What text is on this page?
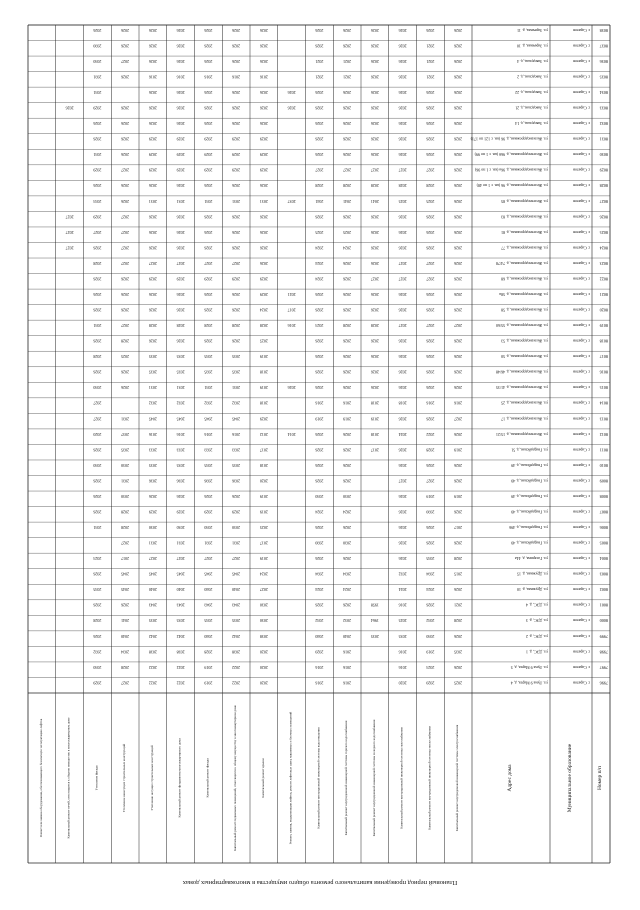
Плановый период проведения капитального ремонта общего имущества в многоквартирных домах
Номер п/п
Муниципальное образование
Адрес дома
Капитальный ремонт внутридомовой инженерной системы электроснабжения
Капитальный ремонт внутридомовой инженерной системы теплоснабжения
Капитальный ремонт внутридомовой инженерной системы газоснабжения
Капитальный ремонт внутридомовой инженерной системы холодного водоснабжения
Капитальный ремонт внутридомовой инженерной системы горячего водоснабжения
Капитальный ремонт внутридомовой инженерной системы водоотведения
Ремонт, замена, модернизация лифтов, ремонт лифтовых шахт, машинных и блочных помещений
Капитальный ремонт крыши
Капитальный ремонт подвальных помещений, относящихся к общему имуществу в многоквартирном доме
Капитальный ремонт фасада
Капитальный ремонт фундамента многоквартирного дома
Утепление несущих строительных конструкций
Утепление ненесущих строительных конструкций
Утепление фасада
Капитальный ремонт печей, относящихся к общему имуществу в многоквартирном доме
Ремонт или замена оборудования, обеспечивающего безопасную эксплуатацию лифтов
7996
г. Саратов
ул. Луна 9 Марта, д. 4
2025
2020
2020
2016
2016
2020
2022
2019
2022
2022
2027
2029
7997
г. Саратов
ул. Луна 9 Марта, д. 5
2026
2023
2016
2016
2016
2020
2022
2019
2022
2022
2028
2030
7998
г. Саратов
ул. ДЭС, д. 1
2035
2019
2016
2016
2020
2020
2038
2028
2038
2038
2034
2032
7999
г. Саратов
ул. ДЭС, д. 2
2026
2030
2035
2035
2040
2040
2038
2042
2040
2042
2042
2040
2026
8000
г. Саратов
ул. ДЭС, д. 3
2028
2032
2025
1964
2032
2032
2030
2035
2035
2035
2035
2041
2028
8001
г. Саратов
ул. ДЭС, д. 4
2021
2026
2016
1958
2026
2026
2030
2043
2043
2043
2043
2026
2026
8002
г. Саратов
ул. Дружная, д. 10
2026
2024
2024
2024
2024
2027
2040
2040
2040
2040
2045
2035
8003
г. Саратов
ул. Дружная, д. 15
2015
2034
2032
2034
2034
2024
2045
2045
2045
2045
2045
2026
8004
г. Саратов
ул. Гагарина, д. 44а
2028
2035
2026
2026
2026
2019
2027
2027
2027
2027
2017
2023
8005
г. Саратов
ул. Гвардейская, д. 49
2026
2026
2026
2030
2030
2017
2031
2031
2031
2031
2027
8006
г. Саратов
ул. Гвардейская, д. 49б
2017
2026
2026
2026
2026
2025
2030
2030
2030
2030
2028
2031
8007
г. Саратов
ул. Гвардейская, д. 49
2026
2030
2026
2024
2024
2019
2029
2029
2029
2029
2028
2026
8008
г. Саратов
ул. Гвардейская, д. 49
2019
2019
2026
2030
2030
2019
2026
2026
2026
2026
2030
2026
8009
г. Саратов
ул. Гвардейская, д. 49
2026
2027
2027
2026
2026
2020
2036
2036
2036
2036
2031
2026
8010
г. Саратов
ул. Гвардейская, д. 49
2026
2026
2026
2026
2026
2018
2035
2035
2035
2035
2030
2030
8011
г. Саратов
ул. Гвардейская, д. 51
2019
2028
2026
2017
2026
2026
2017
2033
2033
2033
2033
2035
2026
8012
г. Саратов
ул. Железнодорожная, д. 15/21
2026
2022
2024
2018
2026
2026
2014
2012
2016
2016
2016
2016
2037
2020
8013
г. Саратов
ул. Железнодорожная, д. 17
2027
2026
2026
2019
2019
2019
2029
2045
2045
2045
2045
2031
2027
8014
г. Саратов
ул. Железнодорожная, д. 25
2016
2016
2018
2018
2016
2016
2018
2032
2032
2032
2032
2027
8015
г. Саратов
ул. Железнодорожная, д. 41/35
2026
2026
2026
2026
2026
2026
2026
2019
2031
2031
2031
2031
2026
2030
8016
г. Саратов
ул. Железнодорожная, д. 46/48
2026
2026
2026
2026
2026
2026
2018
2035
2035
2035
2035
2026
2026
8017
г. Саратов
ул. Железнодорожная, д. 50
2026
2026
2026
2026
2026
2026
2019
2035
2035
2035
2035
2025
2028
8018
г. Саратов
ул. Железнодорожная, д. 53
2026
2026
2026
2026
2026
2026
2025
2026
2026
2026
2026
2028
2026
8019
г. Саратов
ул. Железнодорожная, д. 55/60
2027
2027
2027
2028
2028
2023
2016
2028
2028
2028
2028
2028
2027
2031
8020
г. Саратов
ул. Железнодорожная, д. 58
2026
2026
2026
2026
2026
2026
2017
2024
2026
2026
2026
2026
2026
2026
8021
г. Саратов
ул. Железнодорожная, д. 58а
2026
2026
2026
2026
2026
2026
2021
2029
2026
2026
2026
2026
2026
2026
8022
г. Саратов
ул. Железнодорожная, д. 68
2026
2027
2027
2027
2026
2024
2029
2029
2029
2029
2029
2026
2026
8023
г. Саратов
ул. Железнодорожная, д. 74/78
2026
2027
2027
2026
2026
2024
2026
2027
2027
2027
2027
2027
2028
8024
г. Саратов
ул. Железнодорожная, д. 77
2026
2026
2026
2026
2024
2024
2026
2026
2026
2026
2026
2027
2026
2027
8025
г. Саратов
ул. Железнодорожная, д. 81
2026
2026
2026
2026
2025
2025
2026
2026
2026
2026
2026
2027
2027
2027
8026
г. Саратов
ул. Железнодорожная, д. 83
2026
2026
2026
2026
2026
2026
2026
2026
2026
2026
2026
2027
2029
2027
8027
г. Саратов
ул. Железнодорожная, д. 85
2026
2025
2025
2041
2041
2041
2037
2031
2031
2031
2031
2031
2026
2033
8028
г. Саратов
ул. Железнодорожная, д. 96 (кв. с 1 по 48)
2026
2028
2028
2028
2028
2028
2026
2026
2026
2026
2026
2026
2026
8029
г. Саратов
ул. Железнодорожная, д. 96а (кв. с 1 по 96)
2026
2027
2027
2027
2027
2027
2029
2029
2029
2029
2029
2027
2029
8030
г. Саратов
ул. Железнодорожная, д. 96б (кв. с 1 по 99)
2026
2026
2026
2026
2026
2026
2029
2029
2029
2029
2029
2026
2031
8031
г. Саратов
ул. Железнодорожная, д. 96 (кв. с 121 по 171)
2026
2026
2026
2026
2026
2026
2029
2029
2029
2029
2029
2026
2026
8032
г. Саратов
ул. Заводская, д. 14
2026
2026
2026
2026
2026
2026
2026
2026
2026
2026
2026
2026
2026
8033
г. Саратов
ул. Заводская, д. 21
2026
2026
2026
2026
2026
2026
2026
2026
2026
2026
2026
2026
2026
2029
2026
8034
г. Саратов
ул. Заводская, д. 22
2026
2026
2026
2026
2026
2026
2026
2026
2026
2026
2026
2026
2031
8035
г. Саратов
ул. Заводская, д. 2
2026
2021
2026
2026
2021
2021
2016
2016
2016
2016
2016
2026
2031
8036
г. Саратов
ул. Заводская, д. 4
2026
2021
2026
2026
2021
2021
2026
2026
2026
2026
2026
2027
2030
8037
г. Саратов
ул. Заречная, д. 10
2026
2021
2026
2026
2026
2026
2026
2026
2026
2026
2026
2026
2030
8038
г. Саратов
ул. Заречная, д. 11
2026
2026
2026
2026
2026
2026
2026
2026
2026
2026
2026
2026
2026
